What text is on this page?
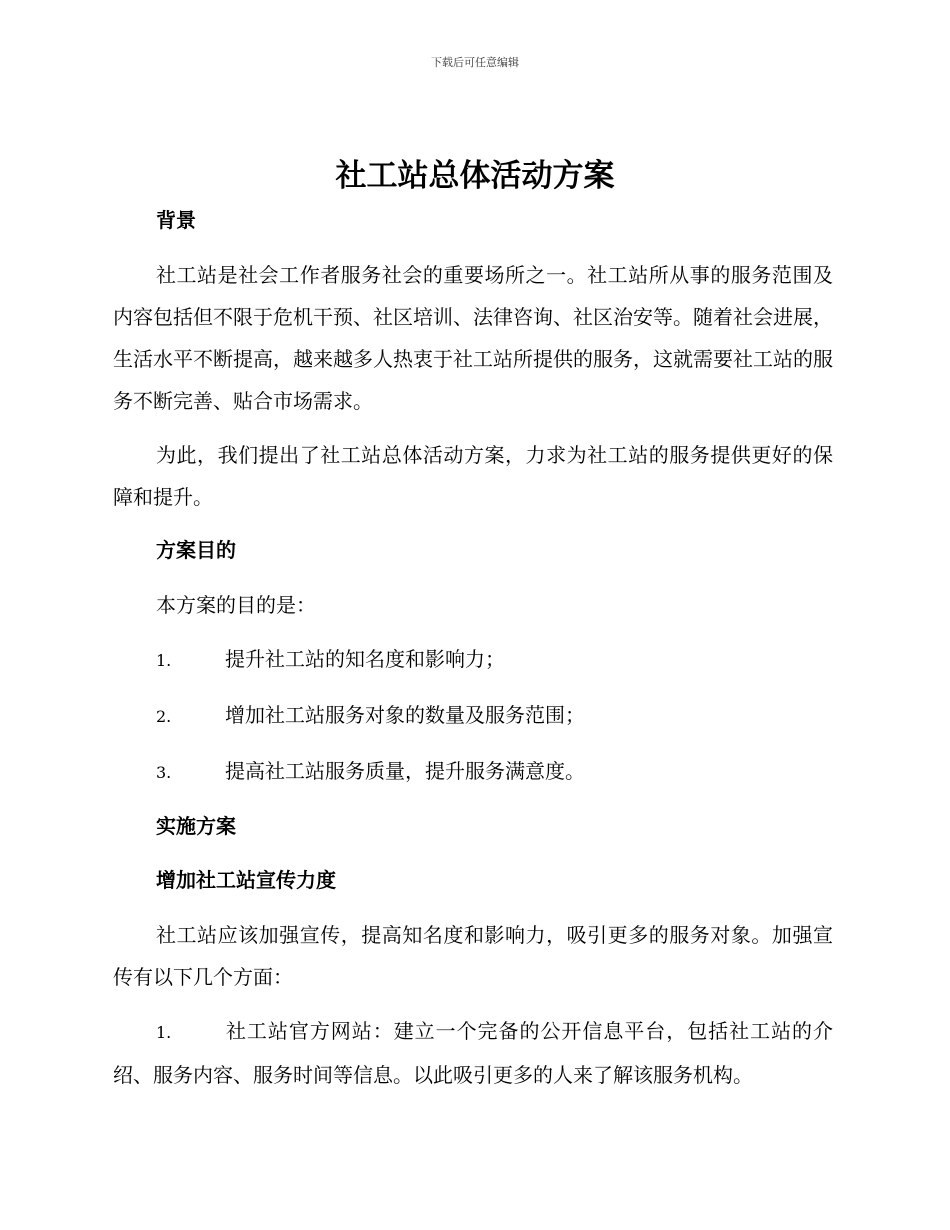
下载后可任意编辑
社工站总体活动方案

背景

社工站是社会工作者服务社会的重要场所之一。社工站所从事的服务范围及内容包括但不限于危机干预、社区培训、法律咨询、社区治安等。随着社会进展，生活水平不断提高，越来越多人热衷于社工站所提供的服务，这就需要社工站的服务不断完善、贴合市场需求。

为此，我们提出了社工站总体活动方案，力求为社工站的服务提供更好的保障和提升。

方案目的

本方案的目的是：

1.	提升社工站的知名度和影响力；

2.	增加社工站服务对象的数量及服务范围；

3.	提高社工站服务质量，提升服务满意度。

实施方案

增加社工站宣传力度

社工站应该加强宣传，提高知名度和影响力，吸引更多的服务对象。加强宣传有以下几个方面：

1.	社工站官方网站：建立一个完备的公开信息平台，包括社工站的介绍、服务内容、服务时间等信息。以此吸引更多的人来了解该服务机构。
